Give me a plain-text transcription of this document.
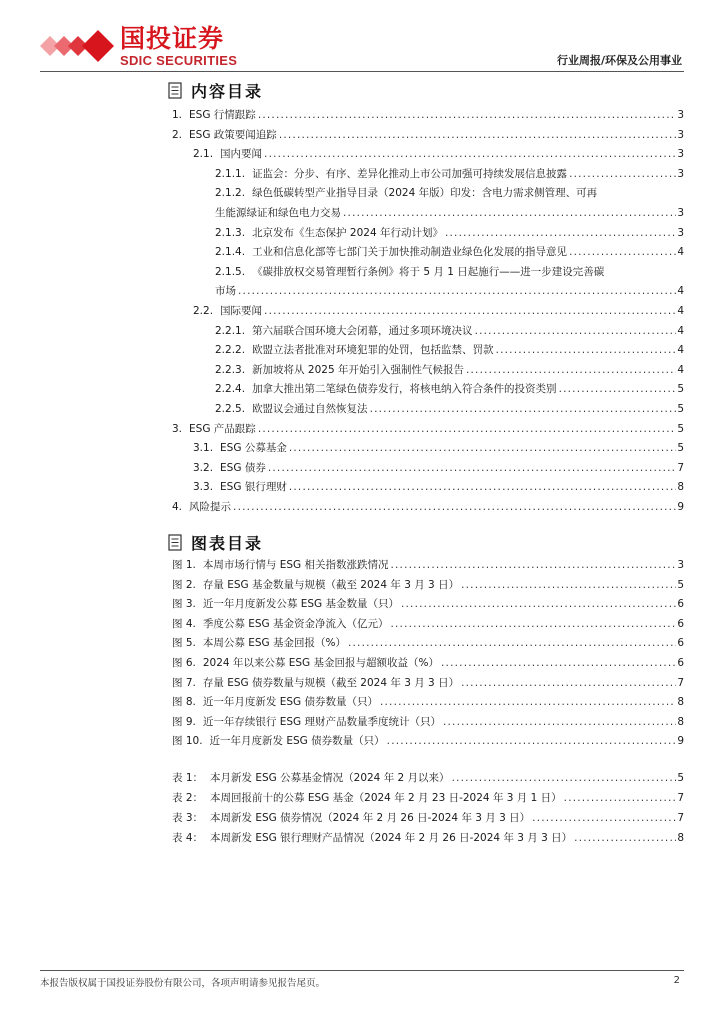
国投证券
SDIC SECURITIES	行业周报/环保及公用事业
内容目录
1. ESG 行情跟踪 .....	3
2. ESG 政策要闻追踪 .....	3
2.1. 国内要闻 .....	3
2.1.1. 证监会：分步、有序、差异化推动上市公司加强可持续发展信息披露 .....	3
2.1.2. 绿色低碳转型产业指导目录（2024 年版）印发：含电力需求侧管理、可再
生能源绿证和绿色电力交易 .....	3
2.1.3. 北京发布《生态保护 2024 年行动计划》 .....	3
2.1.4. 工业和信息化部等七部门关于加快推动制造业绿色化发展的指导意见 .....	4
2.1.5. 《碳排放权交易管理暂行条例》将于 5 月 1 日起施行——进一步建设完善碳
市场 .....	4
2.2. 国际要闻 .....	4
2.2.1. 第六届联合国环境大会闭幕，通过多项环境决议 .....	4
2.2.2. 欧盟立法者批准对环境犯罪的处罚，包括监禁、罚款 .....	4
2.2.3. 新加坡将从 2025 年开始引入强制性气候报告 .....	4
2.2.4. 加拿大推出第二笔绿色债券发行，将核电纳入符合条件的投资类别 .....	5
2.2.5. 欧盟议会通过自然恢复法 .....	5
3. ESG 产品跟踪 .....	5
3.1. ESG 公募基金 .....	5
3.2. ESG 债券 .....	7
3.3. ESG 银行理财 .....	8
4. 风险提示 .....	9
图表目录
图 1. 本周市场行情与 ESG 相关指数涨跌情况 .....	3
图 2. 存量 ESG 基金数量与规模（截至 2024 年 3 月 3 日） .....	5
图 3. 近一年月度新发公募 ESG 基金数量（只） .....	6
图 4. 季度公募 ESG 基金资金净流入（亿元） .....	6
图 5. 本周公募 ESG 基金回报（%） .....	6
图 6. 2024 年以来公募 ESG 基金回报与超额收益（%） .....	6
图 7. 存量 ESG 债券数量与规模（截至 2024 年 3 月 3 日） .....	7
图 8. 近一年月度新发 ESG 债券数量（只） .....	8
图 9. 近一年存续银行 ESG 理财产品数量季度统计（只） .....	8
图 10. 近一年月度新发 ESG 债券数量（只） .....	9
表 1： 本月新发 ESG 公募基金情况（2024 年 2 月以来） .....	5
表 2： 本周回报前十的公募 ESG 基金（2024 年 2 月 23 日-2024 年 3 月 1 日） .....	7
表 3： 本周新发 ESG 债券情况（2024 年 2 月 26 日-2024 年 3 月 3 日） .....	7
表 4： 本周新发 ESG 银行理财产品情况（2024 年 2 月 26 日-2024 年 3 月 3 日） .....	8
本报告版权属于国投证券股份有限公司，各项声明请参见报告尾页。	2
